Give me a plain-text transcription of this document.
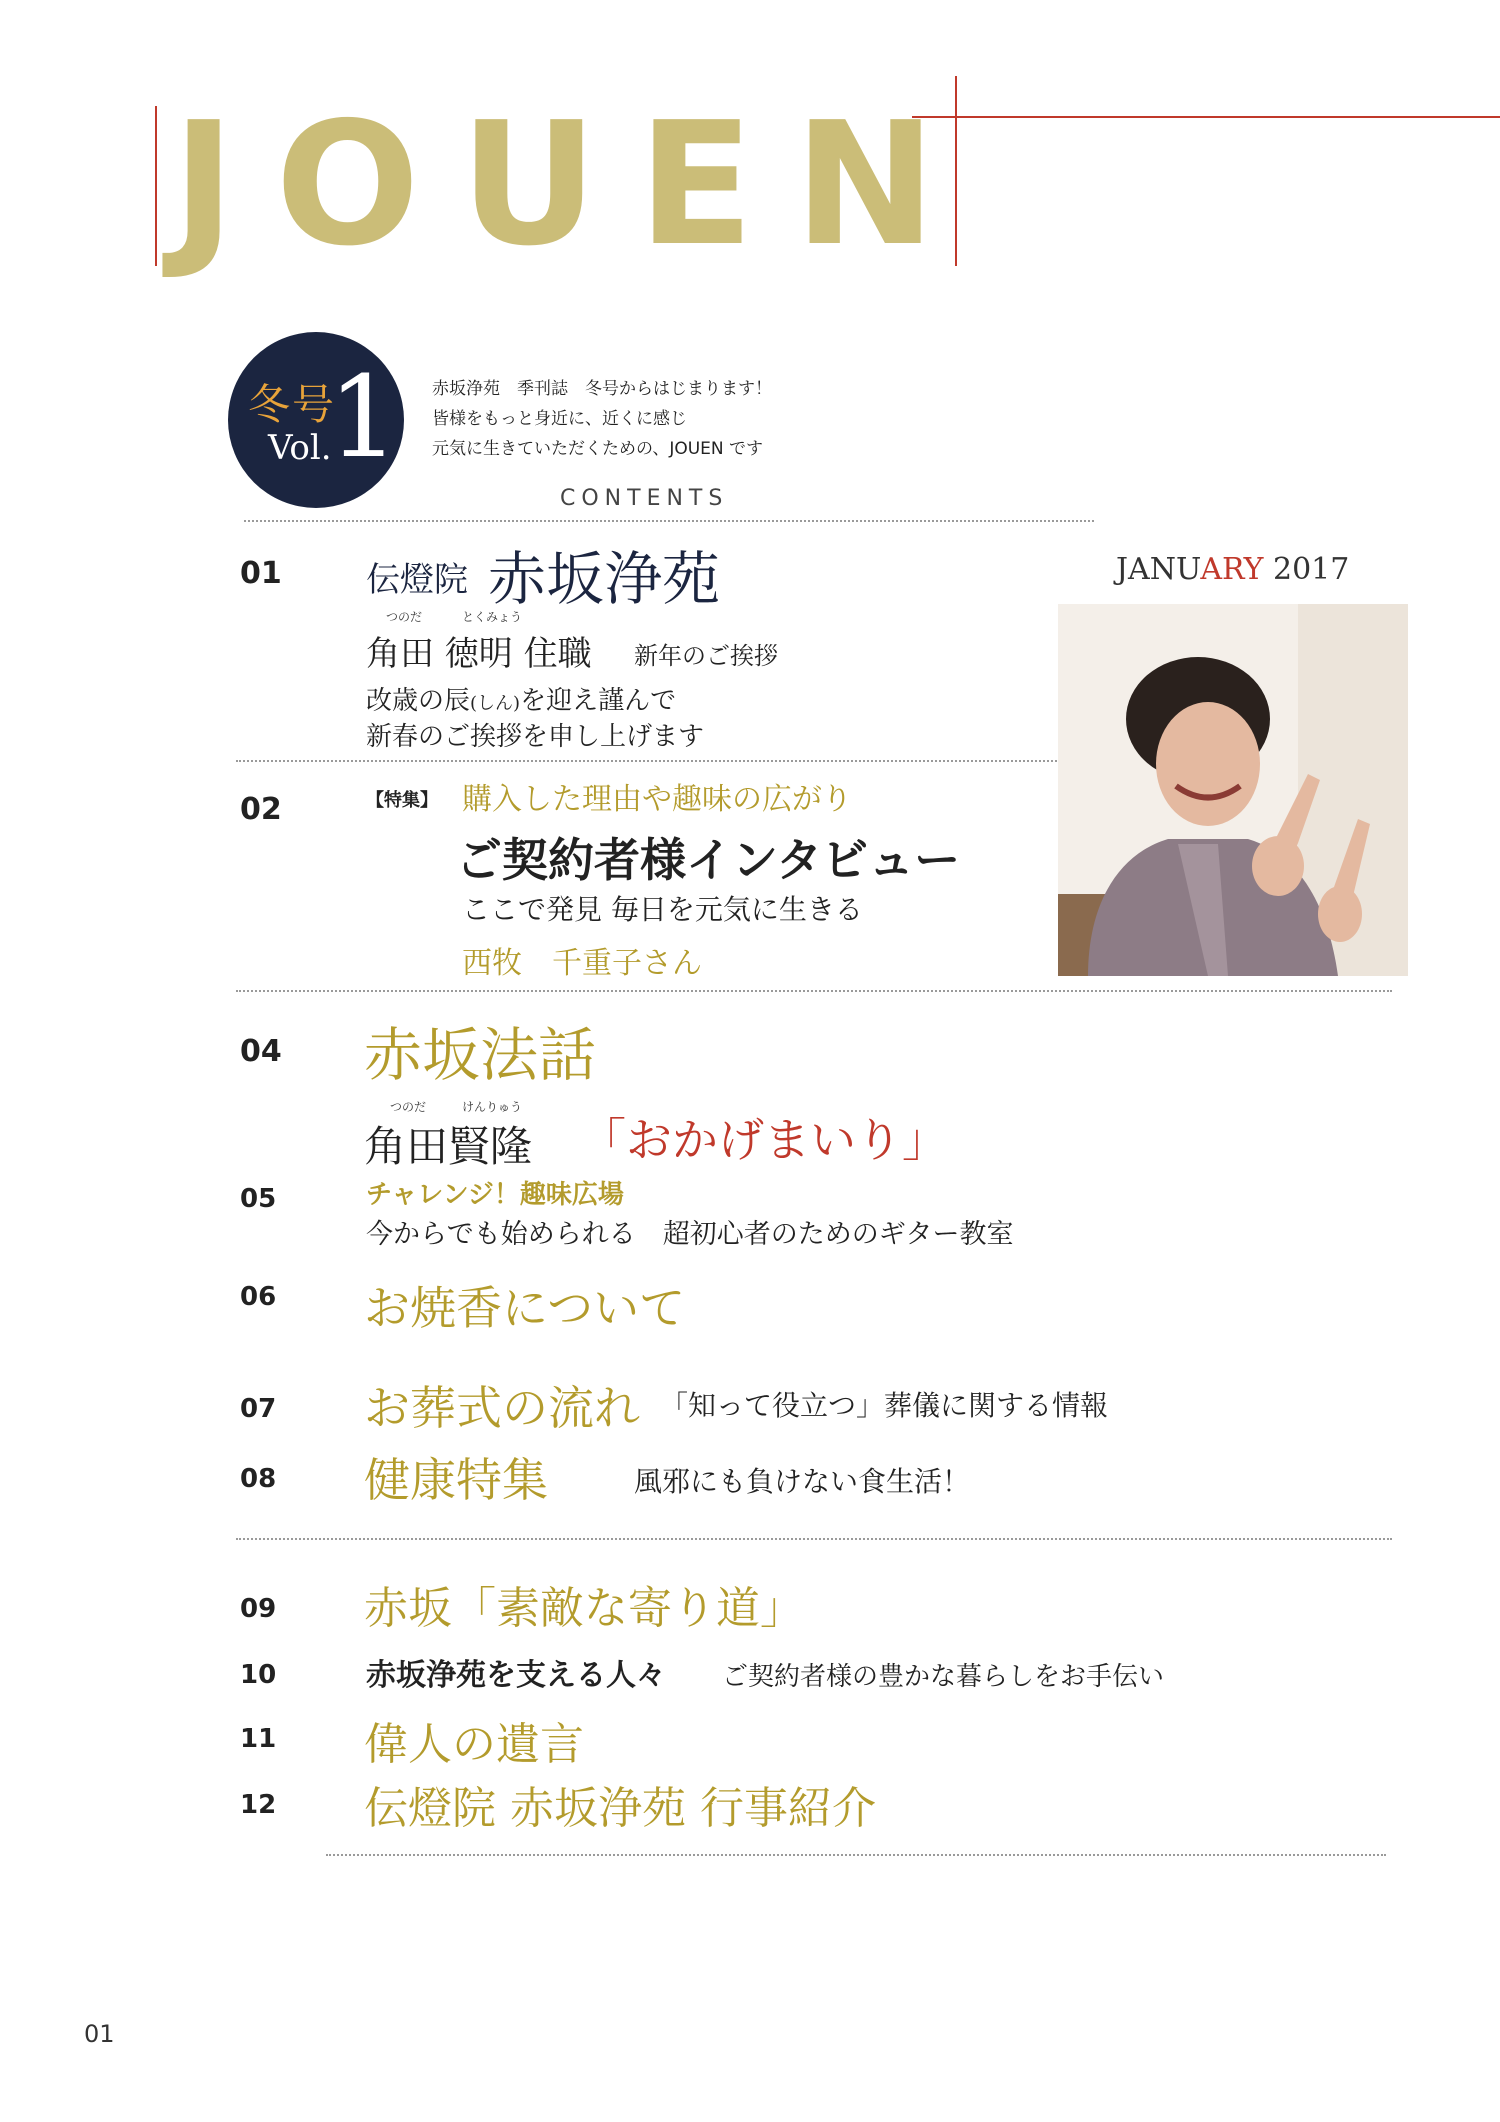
JOUEN
冬号
Vol.
1 赤坂浄苑　季刊誌　冬号からはじまります！
皆様をもっと身近に、近くに感じ
元気に生きていただくための、JOUEN です
CONTENTS
JANUARY 2017
01 伝燈院 赤坂浄苑
つのだ	とくみょう
角田 徳明 住職 新年のご挨拶
改歳の辰(しん)を迎え謹んで
新春のご挨拶を申し上げます
02	【特集】 購入した理由や趣味の広がり
ご契約者様インタビュー
ここで発見 毎日を元気に生きる
西牧　千重子さん
04 赤坂法話
つのだ	けんりゅう
角田賢隆 「おかげまいり」
05	チャレンジ！趣味広場
今からでも始められる　超初心者のためのギター教室
06 お焼香について
07 お葬式の流れ 「知って役立つ」葬儀に関する情報
08 健康特集	風邪にも負けない食生活！
09 赤坂「素敵な寄り道」
10	赤坂浄苑を支える人々 ご契約者様の豊かな暮らしをお手伝い
11 偉人の遺言
12 伝燈院 赤坂浄苑 行事紹介
01
